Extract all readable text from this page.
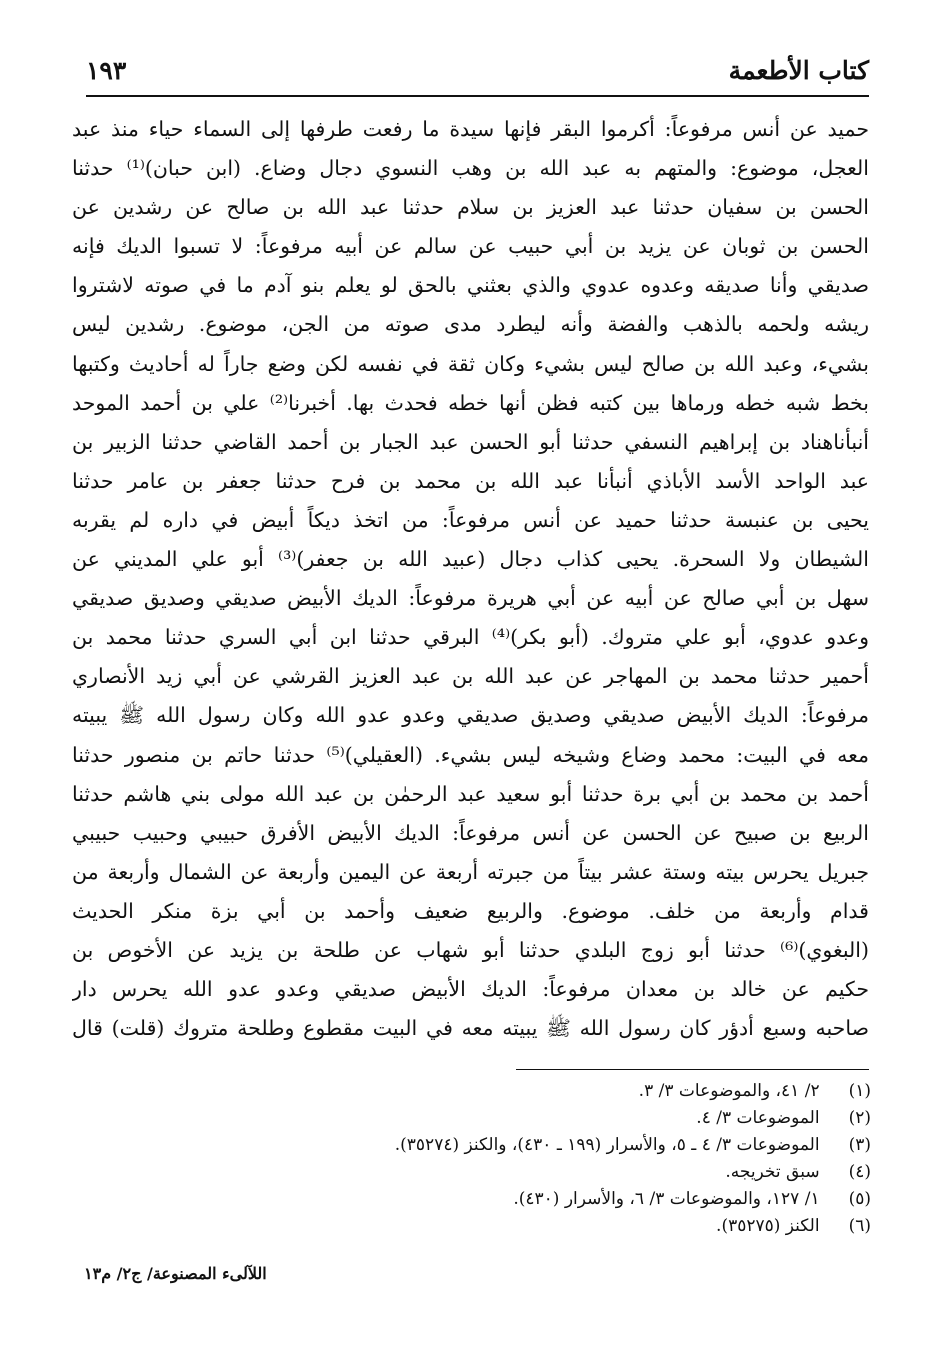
كتاب الأطعمة
١٩٣
حميد عن أنس مرفوعاً: أكرموا البقر فإنها سيدة ما رفعت طرفها إلى السماء حياء منذ عبد
العجل، موضوع: والمتهم به عبد الله بن وهب النسوي دجال وضاع. (ابن حبان)⁽¹⁾ حدثنا
الحسن بن سفيان حدثنا عبد العزيز بن سلام حدثنا عبد الله بن صالح عن رشدين عن
الحسن بن ثوبان عن يزيد بن أبي حبيب عن سالم عن أبيه مرفوعاً: لا تسبوا الديك فإنه
صديقي وأنا صديقه وعدوه عدوي والذي بعثني بالحق لو يعلم بنو آدم ما في صوته لاشتروا
ريشه ولحمه بالذهب والفضة وأنه ليطرد مدى صوته من الجن، موضوع. رشدين ليس
بشيء، وعبد الله بن صالح ليس بشيء وكان ثقة في نفسه لكن وضع جاراً له أحاديث وكتبها
بخط شبه خطه ورماها بين كتبه فظن أنها خطه فحدث بها. أخبرنا⁽²⁾ علي بن أحمد الموحد
أنبأناهناد بن إبراهيم النسفي حدثنا أبو الحسن عبد الجبار بن أحمد القاضي حدثنا الزبير بن
عبد الواحد الأسد الأباذي أنبأنا عبد الله بن محمد بن فرح حدثنا جعفر بن عامر حدثنا
يحيى بن عنبسة حدثنا حميد عن أنس مرفوعاً: من اتخذ ديكاً أبيض في داره لم يقربه
الشيطان ولا السحرة. يحيى كذاب دجال (عبيد الله بن جعفر)⁽³⁾ أبو علي المديني عن
سهل بن أبي صالح عن أبيه عن أبي هريرة مرفوعاً: الديك الأبيض صديقي وصديق صديقي
وعدو عدوي، أبو علي متروك. (أبو بكر)⁽⁴⁾ البرقي حدثنا ابن أبي السري حدثنا محمد بن
أحمير حدثنا محمد بن المهاجر عن عبد الله بن عبد العزيز القرشي عن أبي زيد الأنصاري
مرفوعاً: الديك الأبيض صديقي وصديق صديقي وعدو عدو الله وكان رسول الله ﷺ يبيته
معه في البيت: محمد وضاع وشيخه ليس بشيء. (العقيلي)⁽⁵⁾ حدثنا حاتم بن منصور حدثنا
أحمد بن محمد بن أبي برة حدثنا أبو سعيد عبد الرحمٰن بن عبد الله مولى بني هاشم حدثنا
الربيع بن صبيح عن الحسن عن أنس مرفوعاً: الديك الأبيض الأفرق حبيبي وحبيب حبيبي
جبريل يحرس بيته وستة عشر بيتاً من جبرته أربعة عن اليمين وأربعة عن الشمال وأربعة من
قدام وأربعة من خلف. موضوع. والربيع ضعيف وأحمد بن أبي بزة منكر الحديث
(البغوي)⁽⁶⁾ حدثنا أبو زوج البلدي حدثنا أبو شهاب عن طلحة بن يزيد عن الأخوص بن
حكيم عن خالد بن معدان مرفوعاً: الديك الأبيض صديقي وعدو عدو الله يحرس دار
صاحبه وسبع أدؤر كان رسول الله ﷺ يبيته معه في البيت مقطوع وطلحة متروك (قلت) قال
(١) ٢/ ٤١، والموضوعات ٣/ ٣.
(٢) الموضوعات ٣/ ٤.
(٣) الموضوعات ٣/ ٤ ـ ٥، والأسرار (١٩٩ ـ ٤٣٠)، والكنز (٣٥٢٧٤).
(٤) سبق تخريجه.
(٥) ١/ ١٢٧، والموضوعات ٣/ ٦، والأسرار (٤٣٠).
(٦) الكنز (٣٥٢٧٥).
اللآلىء المصنوعة/ ج٢/ م١٣
